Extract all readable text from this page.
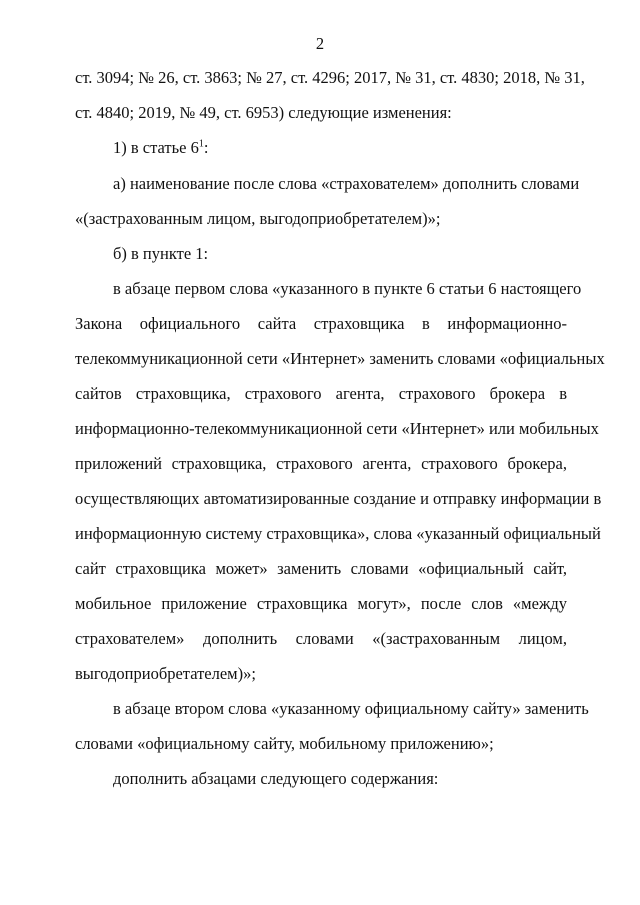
2
ст. 3094; № 26, ст. 3863; № 27, ст. 4296; 2017, № 31, ст. 4830; 2018, № 31,
ст. 4840; 2019, № 49, ст. 6953) следующие изменения:
1) в статье $6^1$:
а) наименование после слова «страхователем» дополнить словами
«(застрахованным лицом, выгодоприобретателем)»;
б) в пункте 1:
в абзаце первом слова «указанного в пункте 6 статьи 6 настоящего
Закона официального сайта страховщика в информационно-
телекоммуникационной сети «Интернет» заменить словами «официальных
сайтов страховщика, страхового агента, страхового брокера в
информационно-телекоммуникационной сети «Интернет» или мобильных
приложений страховщика, страхового агента, страхового брокера,
осуществляющих автоматизированные создание и отправку информации в
информационную систему страховщика», слова «указанный официальный
сайт страховщика может» заменить словами «официальный сайт,
мобильное приложение страховщика могут», после слов «между
страхователем» дополнить словами «(застрахованным лицом,
выгодоприобретателем)»;
в абзаце втором слова «указанному официальному сайту» заменить
словами «официальному сайту, мобильному приложению»;
дополнить абзацами следующего содержания:
